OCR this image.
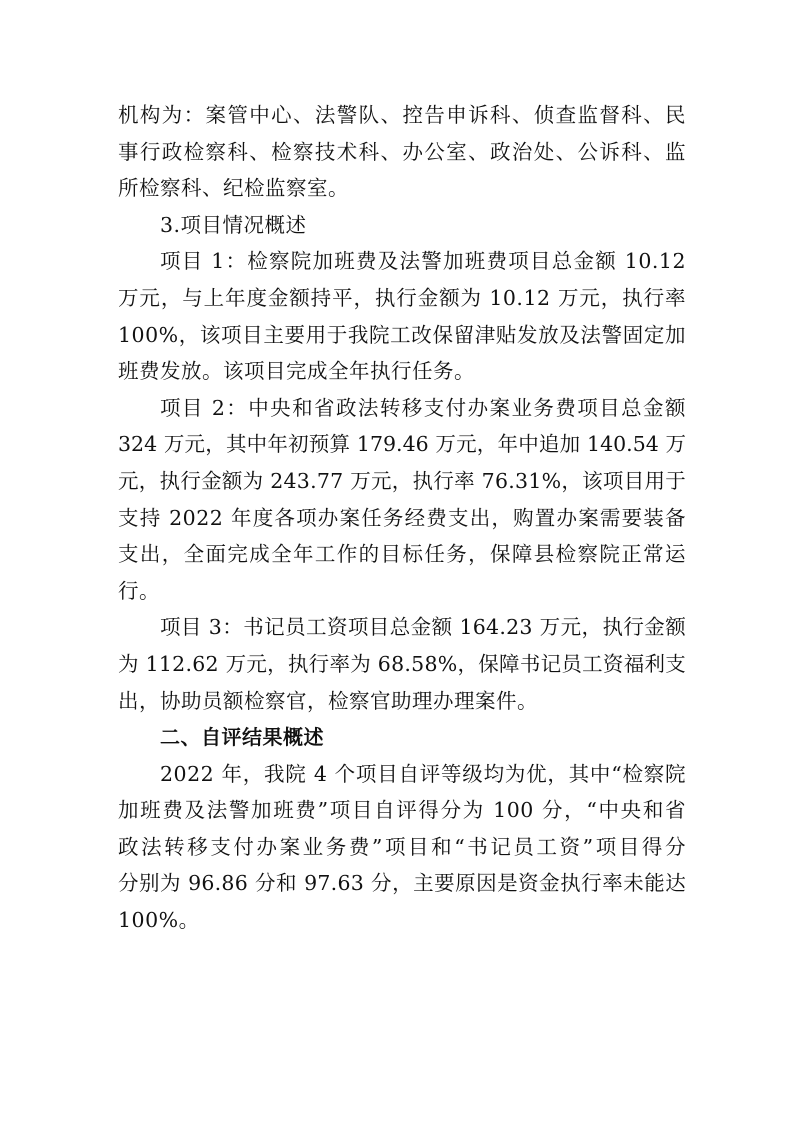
机构为：案管中心、法警队、控告申诉科、侦查监督科、民
事行政检察科、检察技术科、办公室、政治处、公诉科、监
所检察科、纪检监察室。
3.项目情况概述
项目 1：检察院加班费及法警加班费项目总金额 10.12
万元，与上年度金额持平，执行金额为 10.12 万元，执行率
100%，该项目主要用于我院工改保留津贴发放及法警固定加
班费发放。该项目完成全年执行任务。
项目 2：中央和省政法转移支付办案业务费项目总金额
324 万元，其中年初预算 179.46 万元，年中追加 140.54 万
元，执行金额为 243.77 万元，执行率 76.31%，该项目用于
支持 2022 年度各项办案任务经费支出，购置办案需要装备
支出，全面完成全年工作的目标任务，保障县检察院正常运
行。
项目 3：书记员工资项目总金额 164.23 万元，执行金额
为 112.62 万元，执行率为 68.58%，保障书记员工资福利支
出，协助员额检察官，检察官助理办理案件。
二、自评结果概述
2022 年，我院 4 个项目自评等级均为优，其中“检察院
加班费及法警加班费”项目自评得分为 100 分，“中央和省
政法转移支付办案业务费”项目和“书记员工资”项目得分
分别为 96.86 分和 97.63 分，主要原因是资金执行率未能达
100%。
